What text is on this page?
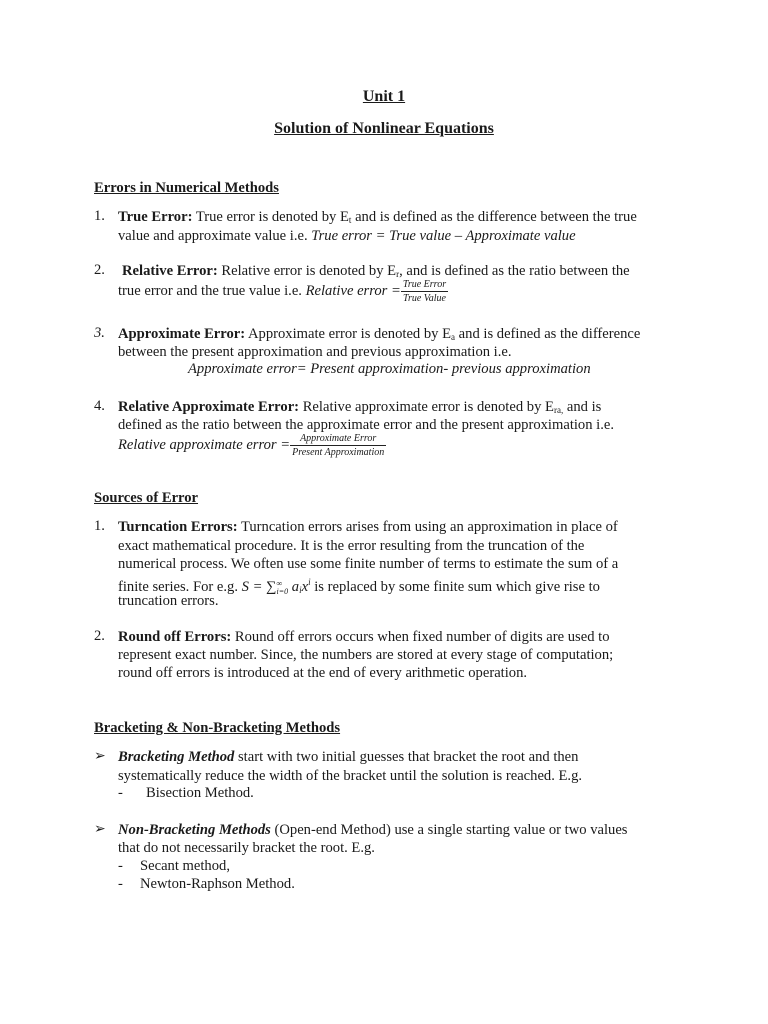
Unit 1
Solution of Nonlinear Equations
Errors in Numerical Methods
1. True Error: True error is denoted by $E_t$ and is defined as the difference between the true
value and approximate value i.e. True error = True value – Approximate value
2. Relative Error: Relative error is denoted by $E_r$, and is defined as the ratio between the
true error and the true value i.e. Relative error = $\frac{\text{True Error}}{\text{True Value}}$
3. Approximate Error: Approximate error is denoted by $E_a$ and is defined as the difference
between the present approximation and previous approximation i.e.
Approximate error= Present approximation- previous approximation
4. Relative Approximate Error: Relative approximate error is denoted by $E_{ra,}$ and is
defined as the ratio between the approximate error and the present approximation i.e.
Relative approximate error = $\frac{\text{Approximate Error}}{\text{Present Approximation}}$
Sources of Error
1. Turncation Errors: Turncation errors arises from using an approximation in place of
exact mathematical procedure. It is the error resulting from the truncation of the
numerical process. We often use some finite number of terms to estimate the sum of a
finite series. For e.g. S = ∑ ∞
i=0 $a_ix^i$ is replaced by some finite sum which give rise to
truncation errors.
2. Round off Errors: Round off errors occurs when fixed number of digits are used to
represent exact number. Since, the numbers are stored at every stage of computation;
round off errors is introduced at the end of every arithmetic operation.
Bracketing & Non-Bracketing Methods
➢ Bracketing Method start with two initial guesses that bracket the root and then
systematically reduce the width of the bracket until the solution is reached. E.g.
- Bisection Method.
➢ Non-Bracketing Methods (Open-end Method) use a single starting value or two values
that do not necessarily bracket the root. E.g.
- Secant method,
- Newton-Raphson Method.
